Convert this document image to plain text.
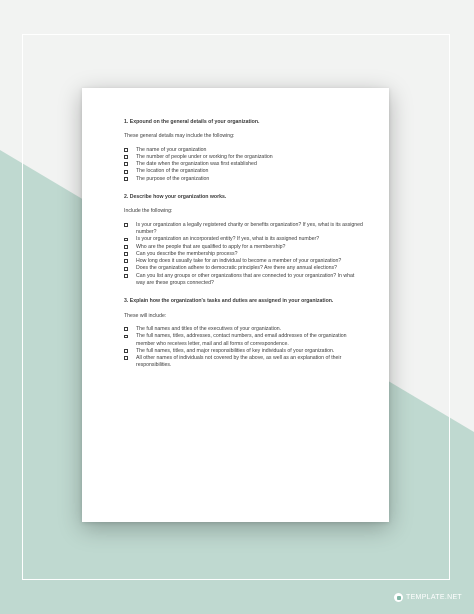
1. Expound on the general details of your organization.
These general details may include the following:
The name of your organization
The number of people under or working for the organization
The date when the organization was first established
The location of the organization
The purpose of the organization
2. Describe how your organization works.
Include the following:
Is your organization a legally registered charity or benefits organization? If yes, what is its assigned number?
Is your organization an incorporated entity? If yes, what is its assigned number?
Who are the people that are qualified to apply for a membership?
Can you describe the membership process?
How long does it usually take for an individual to become a member of your organization?
Does the organization adhere to democratic principles? Are there any annual elections?
Can you list any groups or other organizations that are connected to your organization? In what way are these groups connected?
3. Explain how the organization's tasks and duties are assigned in your organization.
These will include:
The full names and titles of the executives of your organization.
The full names, titles, addresses, contact numbers, and email addresses of the organization member who receives letter, mail and all forms of correspondence.
The full names, titles, and major responsibilities of key individuals of your organization.
All other names of individuals not covered by the above, as well as an explanation of their responsibilities.
TEMPLATE.NET
